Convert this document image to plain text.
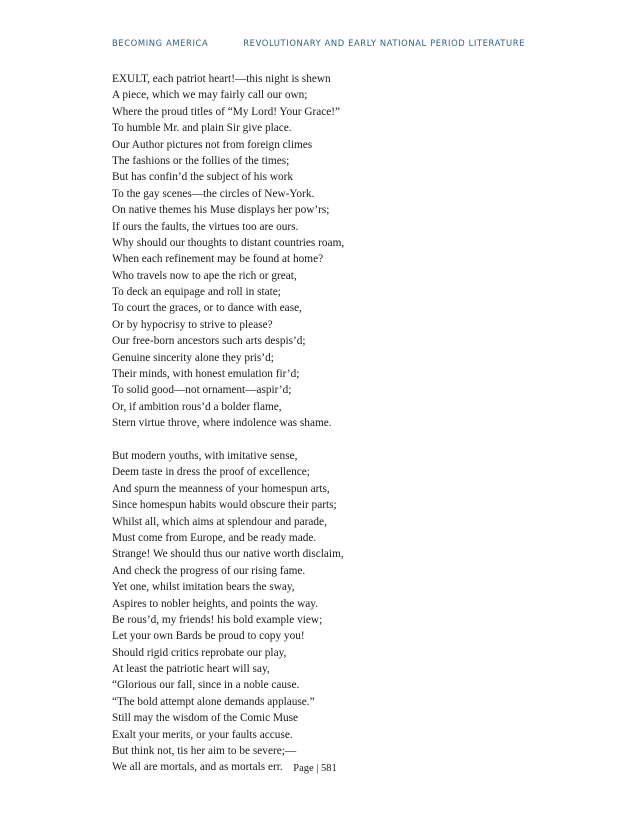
BECOMING AMERICA	REVOLUTIONARY AND EARLY NATIONAL PERIOD LITERATURE
EXULT, each patriot heart!—this night is shewn
A piece, which we may fairly call our own;
Where the proud titles of “My Lord! Your Grace!”
To humble Mr. and plain Sir give place.
Our Author pictures not from foreign climes
The fashions or the follies of the times;
But has confin’d the subject of his work
To the gay scenes—the circles of New-York.
On native themes his Muse displays her pow’rs;
If ours the faults, the virtues too are ours.
Why should our thoughts to distant countries roam,
When each refinement may be found at home?
Who travels now to ape the rich or great,
To deck an equipage and roll in state;
To court the graces, or to dance with ease,
Or by hypocrisy to strive to please?
Our free-born ancestors such arts despis’d;
Genuine sincerity alone they pris’d;
Their minds, with honest emulation fir’d;
To solid good—not ornament—aspir’d;
Or, if ambition rous’d a bolder flame,
Stern virtue throve, where indolence was shame.
But modern youths, with imitative sense,
Deem taste in dress the proof of excellence;
And spurn the meanness of your homespun arts,
Since homespun habits would obscure their parts;
Whilst all, which aims at splendour and parade,
Must come from Europe, and be ready made.
Strange! We should thus our native worth disclaim,
And check the progress of our rising fame.
Yet one, whilst imitation bears the sway,
Aspires to nobler heights, and points the way.
Be rous’d, my friends! his bold example view;
Let your own Bards be proud to copy you!
Should rigid critics reprobate our play,
At least the patriotic heart will say,
“Glorious our fall, since in a noble cause.
“The bold attempt alone demands applause.”
Still may the wisdom of the Comic Muse
Exalt your merits, or your faults accuse.
But think not, tis her aim to be severe;—
We all are mortals, and as mortals err.	Page | 581
